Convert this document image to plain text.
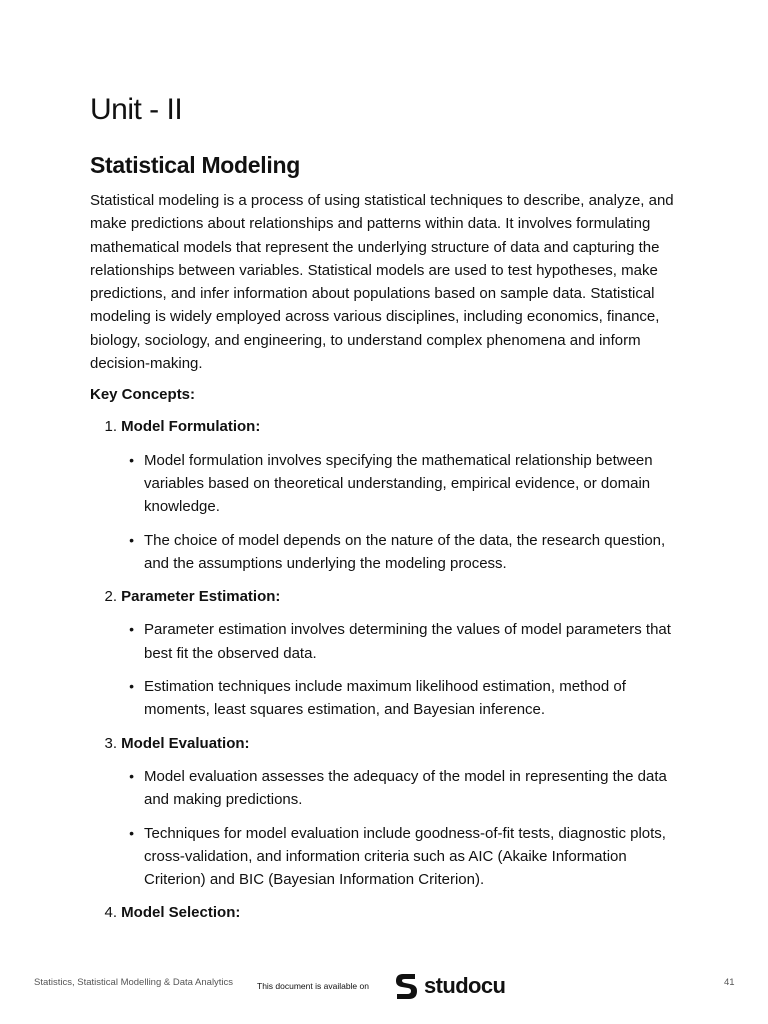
Unit - II
Statistical Modeling

Statistical modeling is a process of using statistical techniques to describe, analyze, and make predictions about relationships and patterns within data. It involves formulating mathematical models that represent the underlying structure of data and capturing the relationships between variables. Statistical models are used to test hypotheses, make predictions, and infer information about populations based on sample data. Statistical modeling is widely employed across various disciplines, including economics, finance, biology, sociology, and engineering, to understand complex phenomena and inform decision-making.

Key Concepts:
1.
Model Formulation:
• Model formulation involves specifying the mathematical relationship between variables based on theoretical understanding, empirical evidence, or domain knowledge.
• The choice of model depends on the nature of the data, the research question, and the assumptions underlying the modeling process.
2.
Parameter Estimation:
• Parameter estimation involves determining the values of model parameters that best fit the observed data.
• Estimation techniques include maximum likelihood estimation, method of moments, least squares estimation, and Bayesian inference.
3.
Model Evaluation:
• Model evaluation assesses the adequacy of the model in representing the data and making predictions.
• Techniques for model evaluation include goodness-of-fit tests, diagnostic plots, cross-validation, and information criteria such as AIC (Akaike Information Criterion) and BIC (Bayesian Information Criterion).
4.
Model Selection:
Statistics, Statistical Modelling & Data Analytics	This document is available on	studocu	41
